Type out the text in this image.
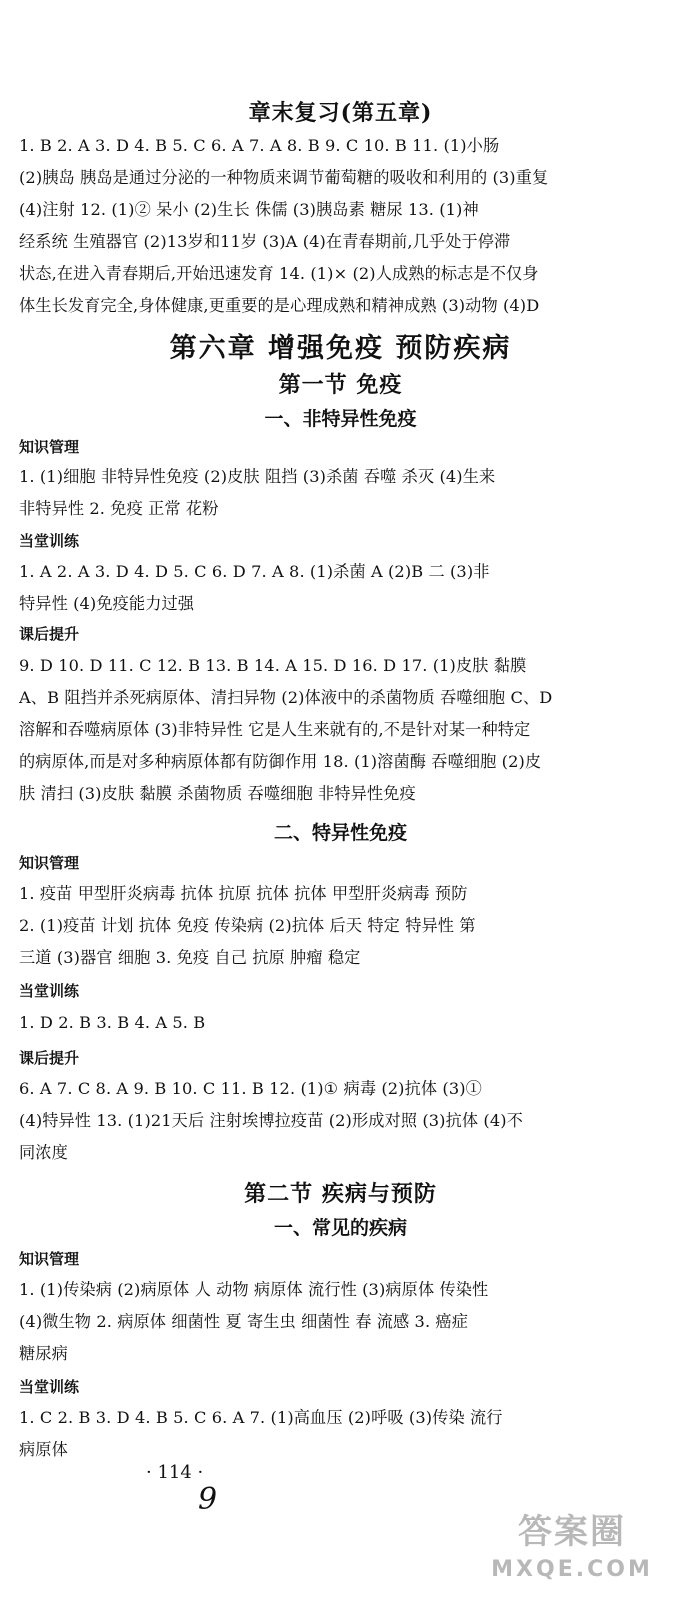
章末复习(第五章)
1. B 2. A 3. D 4. B 5. C 6. A 7. A 8. B 9. C 10. B 11. (1)小肠
(2)胰岛 胰岛是通过分泌的一种物质来调节葡萄糖的吸收和利用的 (3)重复
(4)注射 12. (1)② 呆小 (2)生长 侏儒 (3)胰岛素 糖尿 13. (1)神
经系统 生殖器官 (2)13岁和11岁 (3)A (4)在青春期前,几乎处于停滞
状态,在进入青春期后,开始迅速发育 14. (1)× (2)人成熟的标志是不仅身
体生长发育完全,身体健康,更重要的是心理成熟和精神成熟 (3)动物 (4)D
第六章 增强免疫 预防疾病
第一节 免疫
一、非特异性免疫
知识管理
1. (1)细胞 非特异性免疫 (2)皮肤 阻挡 (3)杀菌 吞噬 杀灭 (4)生来
非特异性 2. 免疫 正常 花粉
当堂训练
1. A 2. A 3. D 4. D 5. C 6. D 7. A 8. (1)杀菌 A (2)B 二 (3)非
特异性 (4)免疫能力过强
课后提升
9. D 10. D 11. C 12. B 13. B 14. A 15. D 16. D 17. (1)皮肤 黏膜
A、B 阻挡并杀死病原体、清扫异物 (2)体液中的杀菌物质 吞噬细胞 C、D
溶解和吞噬病原体 (3)非特异性 它是人生来就有的,不是针对某一种特定
的病原体,而是对多种病原体都有防御作用 18. (1)溶菌酶 吞噬细胞 (2)皮
肤 清扫 (3)皮肤 黏膜 杀菌物质 吞噬细胞 非特异性免疫
二、特异性免疫
知识管理
1. 疫苗 甲型肝炎病毒 抗体 抗原 抗体 抗体 甲型肝炎病毒 预防
2. (1)疫苗 计划 抗体 免疫 传染病 (2)抗体 后天 特定 特异性 第
三道 (3)器官 细胞 3. 免疫 自己 抗原 肿瘤 稳定
当堂训练
1. D 2. B 3. B 4. A 5. B
课后提升
6. A 7. C 8. A 9. B 10. C 11. B 12. (1)① 病毒 (2)抗体 (3)①
(4)特异性 13. (1)21天后 注射埃博拉疫苗 (2)形成对照 (3)抗体 (4)不
同浓度
第二节 疾病与预防
一、常见的疾病
知识管理
1. (1)传染病 (2)病原体 人 动物 病原体 流行性 (3)病原体 传染性
(4)微生物 2. 病原体 细菌性 夏 寄生虫 细菌性 春 流感 3. 癌症
糖尿病
当堂训练
1. C 2. B 3. D 4. B 5. C 6. A 7. (1)高血压 (2)呼吸 (3)传染 流行
病原体
· 114 ·
9
答案圈
MXQE.COM
